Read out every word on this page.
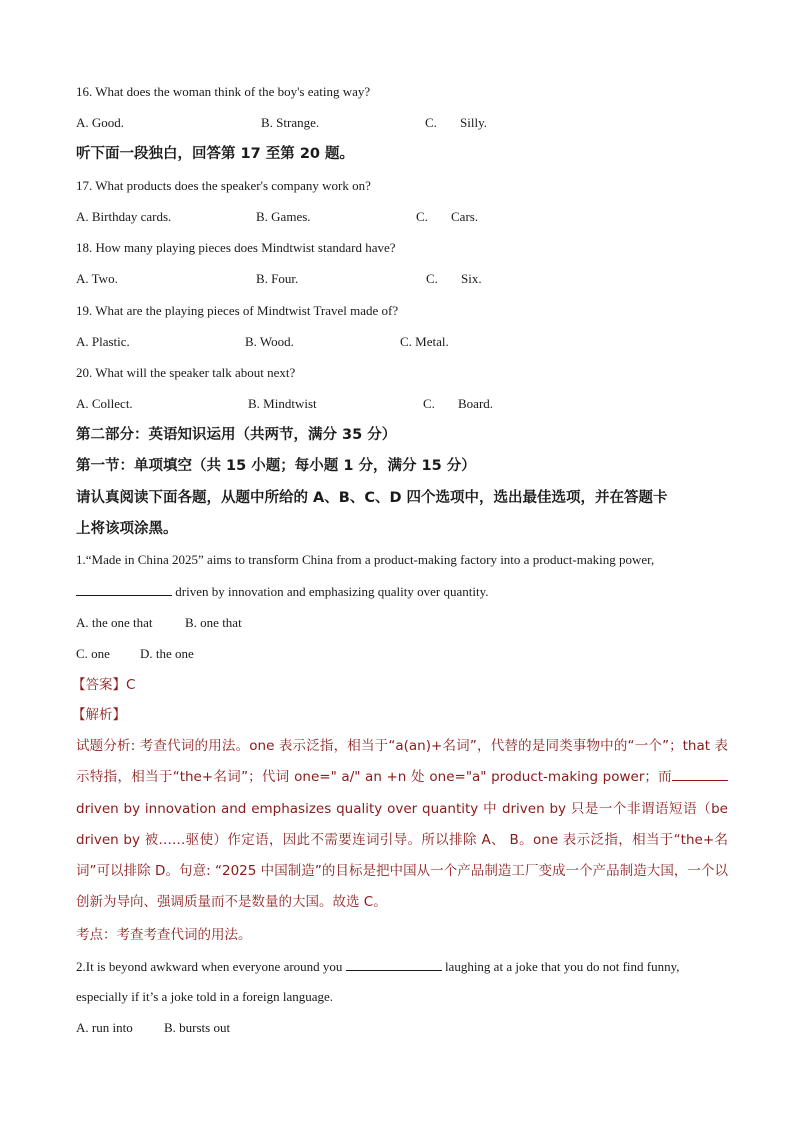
16. What does the woman think of the boy's eating way?
A. Good.	B. Strange.	C. Silly.
听下面一段独白，回答第 17 至第 20 题。
17. What products does the speaker's company work on?
A. Birthday cards.	B. Games.	C. Cars.
18. How many playing pieces does Mindtwist standard have?
A. Two.	B. Four.	C. Six.
19. What are the playing pieces of Mindtwist Travel made of?
A. Plastic.	B. Wood.	C. Metal.
20. What will the speaker talk about next?
A. Collect.	B. Mindtwist	C. Board.
第二部分：英语知识运用（共两节，满分 35 分）
第一节：单项填空（共 15 小题；每小题 1 分，满分 15 分）
请认真阅读下面各题，从题中所给的 A、B、C、D 四个选项中，选出最佳选项，并在答题卡
上将该项涂黑。
1.“Made in China 2025” aims to transform China from a product-making factory into a product-making power,
driven by innovation and emphasizing quality over quantity.
A. the one that B. one that
C. one D. the one
【答案】C
【解析】
试题分析: 考查代词的用法。one 表示泛指，相当于“a(an)+名词”，代替的是同类事物中的“一个”；that 表示特指，相当于“the+名词”；代词 one=" a/" an +n 处 one="a" product-making power；而driven by innovation and emphasizes quality over quantity 中 driven by 只是一个非谓语短语（be driven by 被……驱使）作定语，因此不需要连词引导。所以排除 A、 B。one 表示泛指，相当于“the+名词”可以排除 D。句意: “2025 中国制造”的目标是把中国从一个产品制造工厂变成一个产品制造大国，一个以创新为导向、强调质量而不是数量的大国。故选 C。
考点：考查考查代词的用法。
2.It is beyond awkward when everyone around you	laughing at a joke that you do not find funny,
especially if it’s a joke told in a foreign language.
A. run into B. bursts out
